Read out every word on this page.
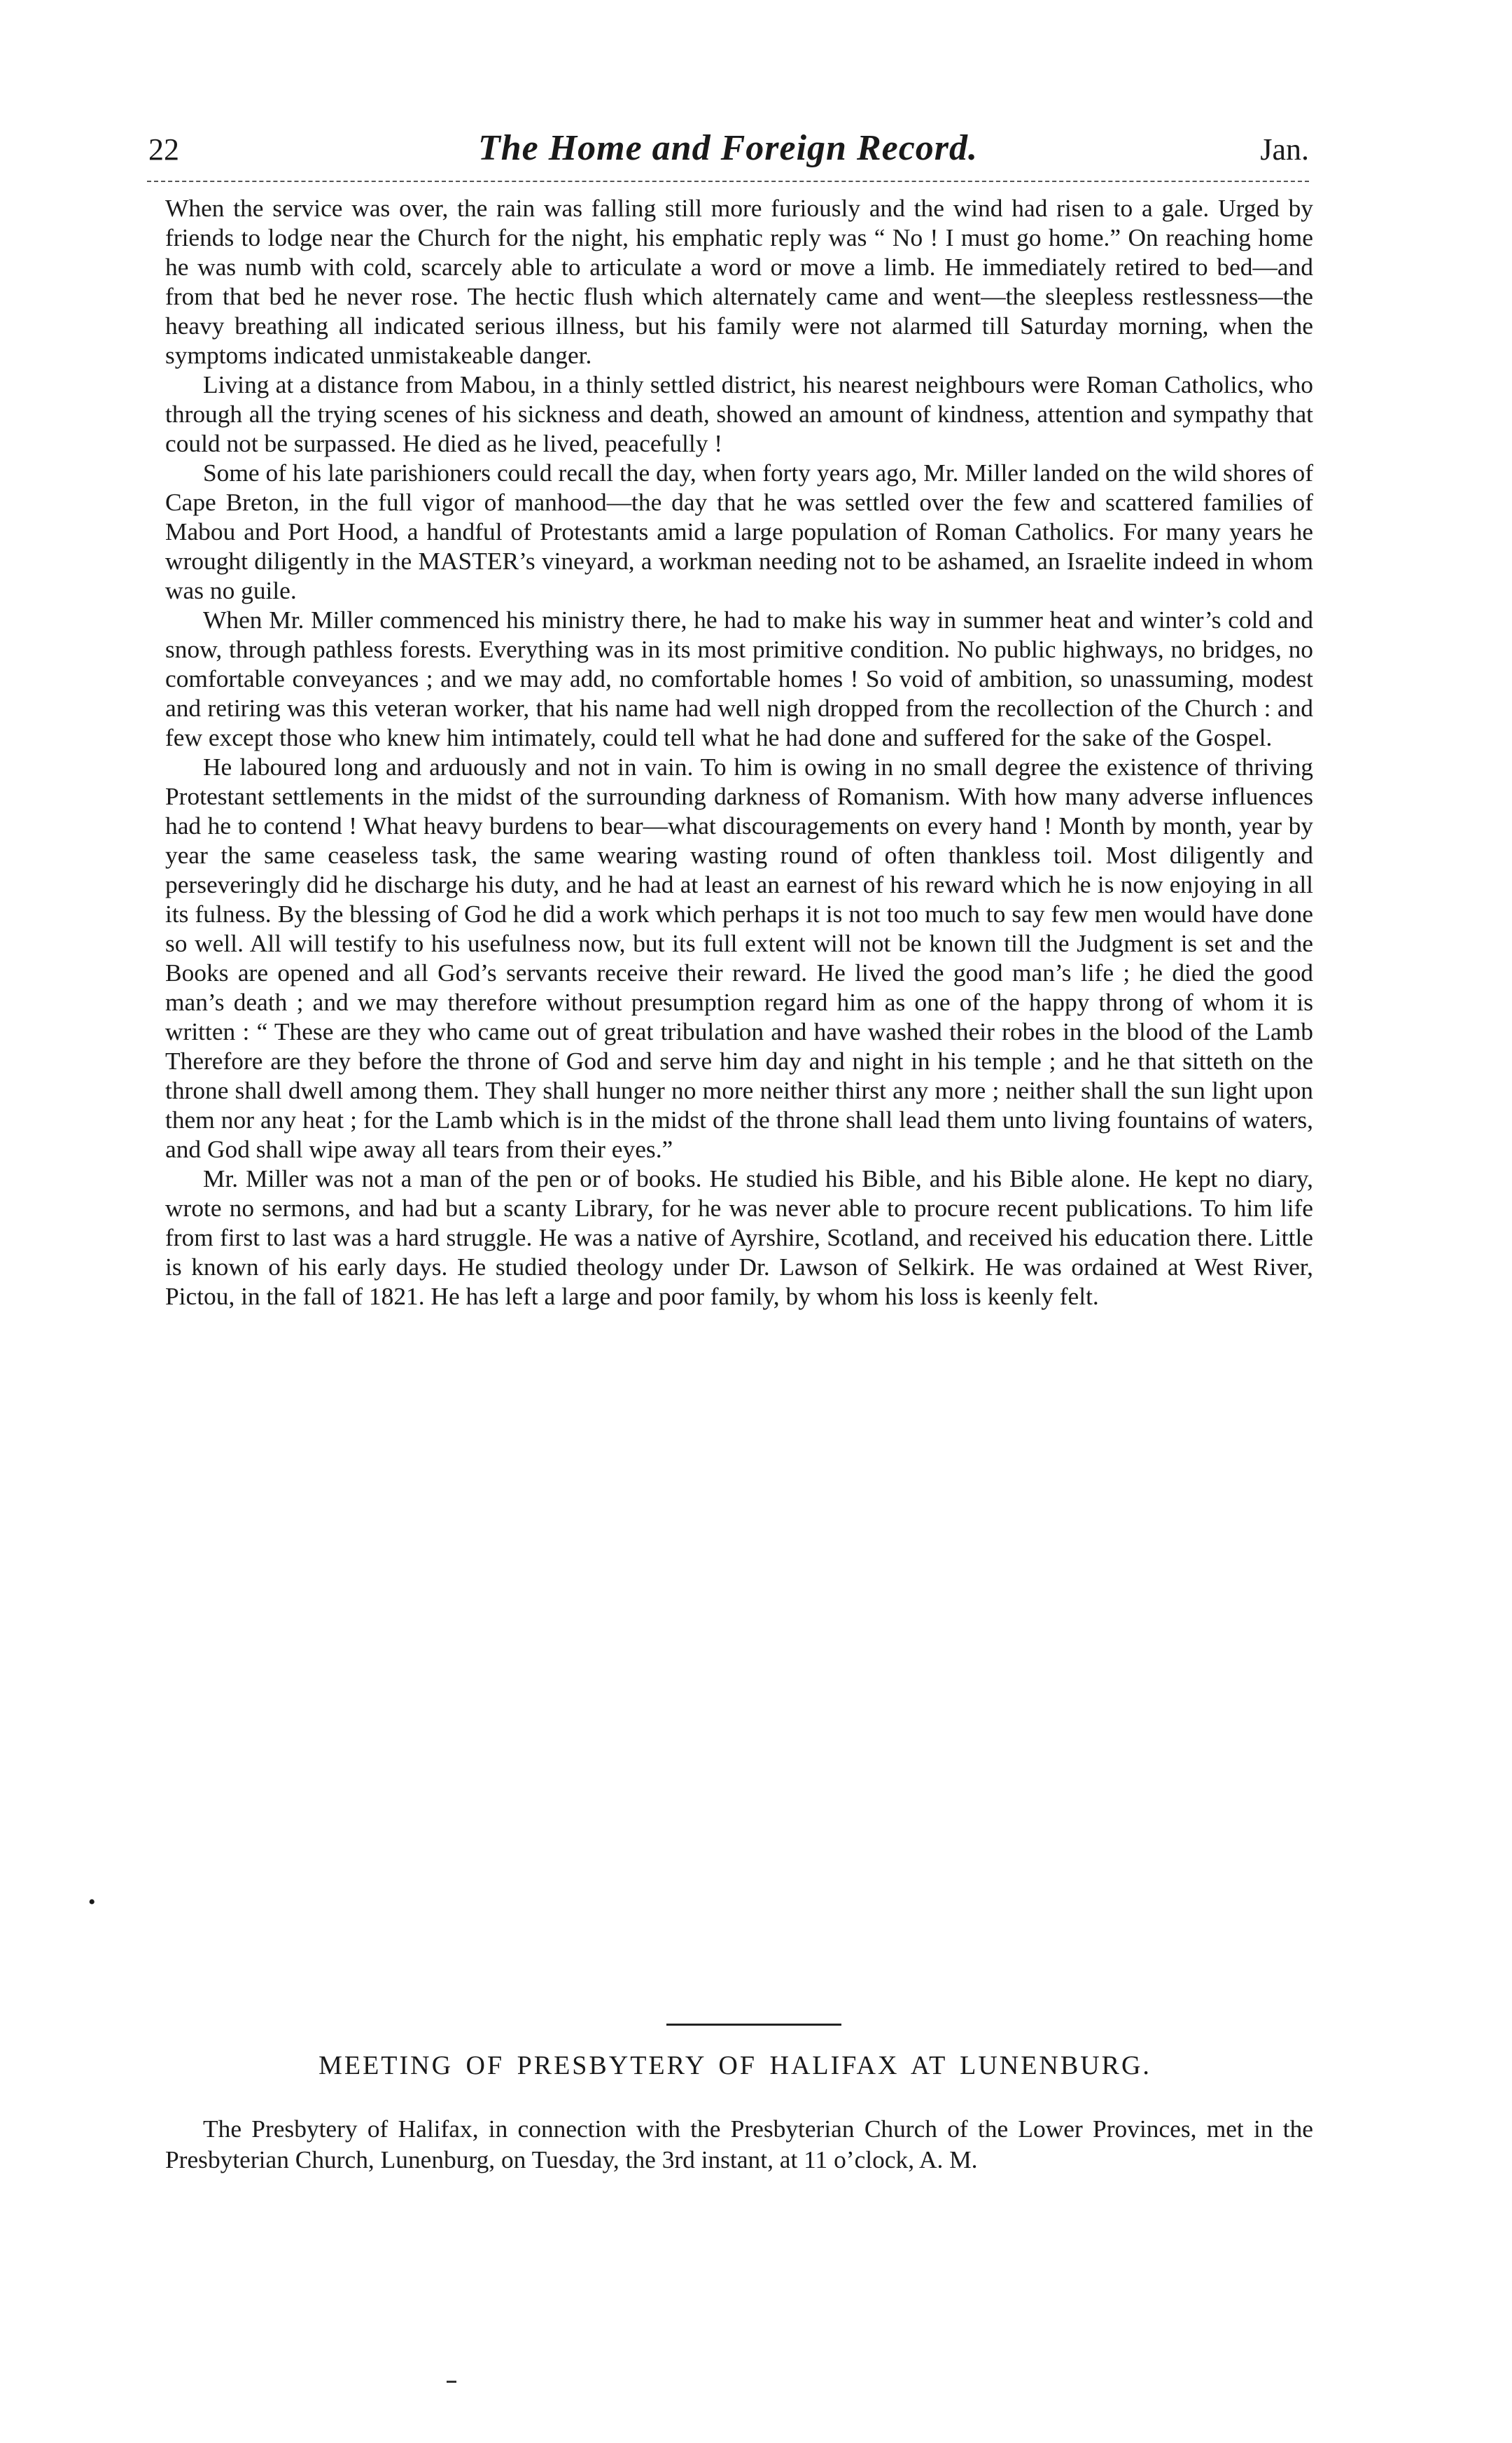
22	The Home and Foreign Record.	Jan.

When the service was over, the rain was falling still more furiously and the wind had risen to a gale. Urged by friends to lodge near the Church for the night, his emphatic reply was “ No ! I must go home.” On reaching home he was numb with cold, scarcely able to articulate a word or move a limb. He immediately retired to bed—and from that bed he never rose. The hectic flush which alternately came and went—the sleepless restlessness—the heavy breathing all indicated serious illness, but his family were not alarmed till Saturday morning, when the symptoms indicated unmistakeable danger.

Living at a distance from Mabou, in a thinly settled district, his nearest neighbours were Roman Catholics, who through all the trying scenes of his sickness and death, showed an amount of kindness, attention and sympathy that could not be surpassed. He died as he lived, peacefully !

Some of his late parishioners could recall the day, when forty years ago, Mr. Miller landed on the wild shores of Cape Breton, in the full vigor of manhood—the day that he was settled over the few and scattered families of Mabou and Port Hood, a handful of Protestants amid a large population of Roman Catholics. For many years he wrought diligently in the MASTER’s vineyard, a workman needing not to be ashamed, an Israelite indeed in whom was no guile.

When Mr. Miller commenced his ministry there, he had to make his way in summer heat and winter’s cold and snow, through pathless forests. Everything was in its most primitive condition. No public highways, no bridges, no comfortable conveyances ; and we may add, no comfortable homes ! So void of ambition, so unassuming, modest and retiring was this veteran worker, that his name had well nigh dropped from the recollection of the Church : and few except those who knew him intimately, could tell what he had done and suffered for the sake of the Gospel.

He laboured long and arduously and not in vain. To him is owing in no small degree the existence of thriving Protestant settlements in the midst of the surrounding darkness of Romanism. With how many adverse influences had he to contend ! What heavy burdens to bear—what discouragements on every hand ! Month by month, year by year the same ceaseless task, the same wearing wasting round of often thankless toil. Most diligently and perseveringly did he discharge his duty, and he had at least an earnest of his reward which he is now enjoying in all its fulness. By the blessing of God he did a work which perhaps it is not too much to say few men would have done so well. All will testify to his usefulness now, but its full extent will not be known till the Judgment is set and the Books are opened and all God’s servants receive their reward. He lived the good man’s life ; he died the good man’s death ; and we may therefore without presumption regard him as one of the happy throng of whom it is written : “ These are they who came out of great tribulation and have washed their robes in the blood of the Lamb Therefore are they before the throne of God and serve him day and night in his temple ; and he that sitteth on the throne shall dwell among them. They shall hunger no more neither thirst any more ; neither shall the sun light upon them nor any heat ; for the Lamb which is in the midst of the throne shall lead them unto living fountains of waters, and God shall wipe away all tears from their eyes.”

Mr. Miller was not a man of the pen or of books. He studied his Bible, and his Bible alone. He kept no diary, wrote no sermons, and had but a scanty Library, for he was never able to procure recent publications. To him life from first to last was a hard struggle. He was a native of Ayrshire, Scotland, and received his education there. Little is known of his early days. He studied theology under Dr. Lawson of Selkirk. He was ordained at West River, Pictou, in the fall of 1821. He has left a large and poor family, by whom his loss is keenly felt.

•
MEETING OF PRESBYTERY OF HALIFAX AT LUNENBURG.

The Presbytery of Halifax, in connection with the Presbyterian Church of the Lower Provinces, met in the Presbyterian Church, Lunenburg, on Tuesday, the 3rd instant, at 11 o’clock, A. M.
